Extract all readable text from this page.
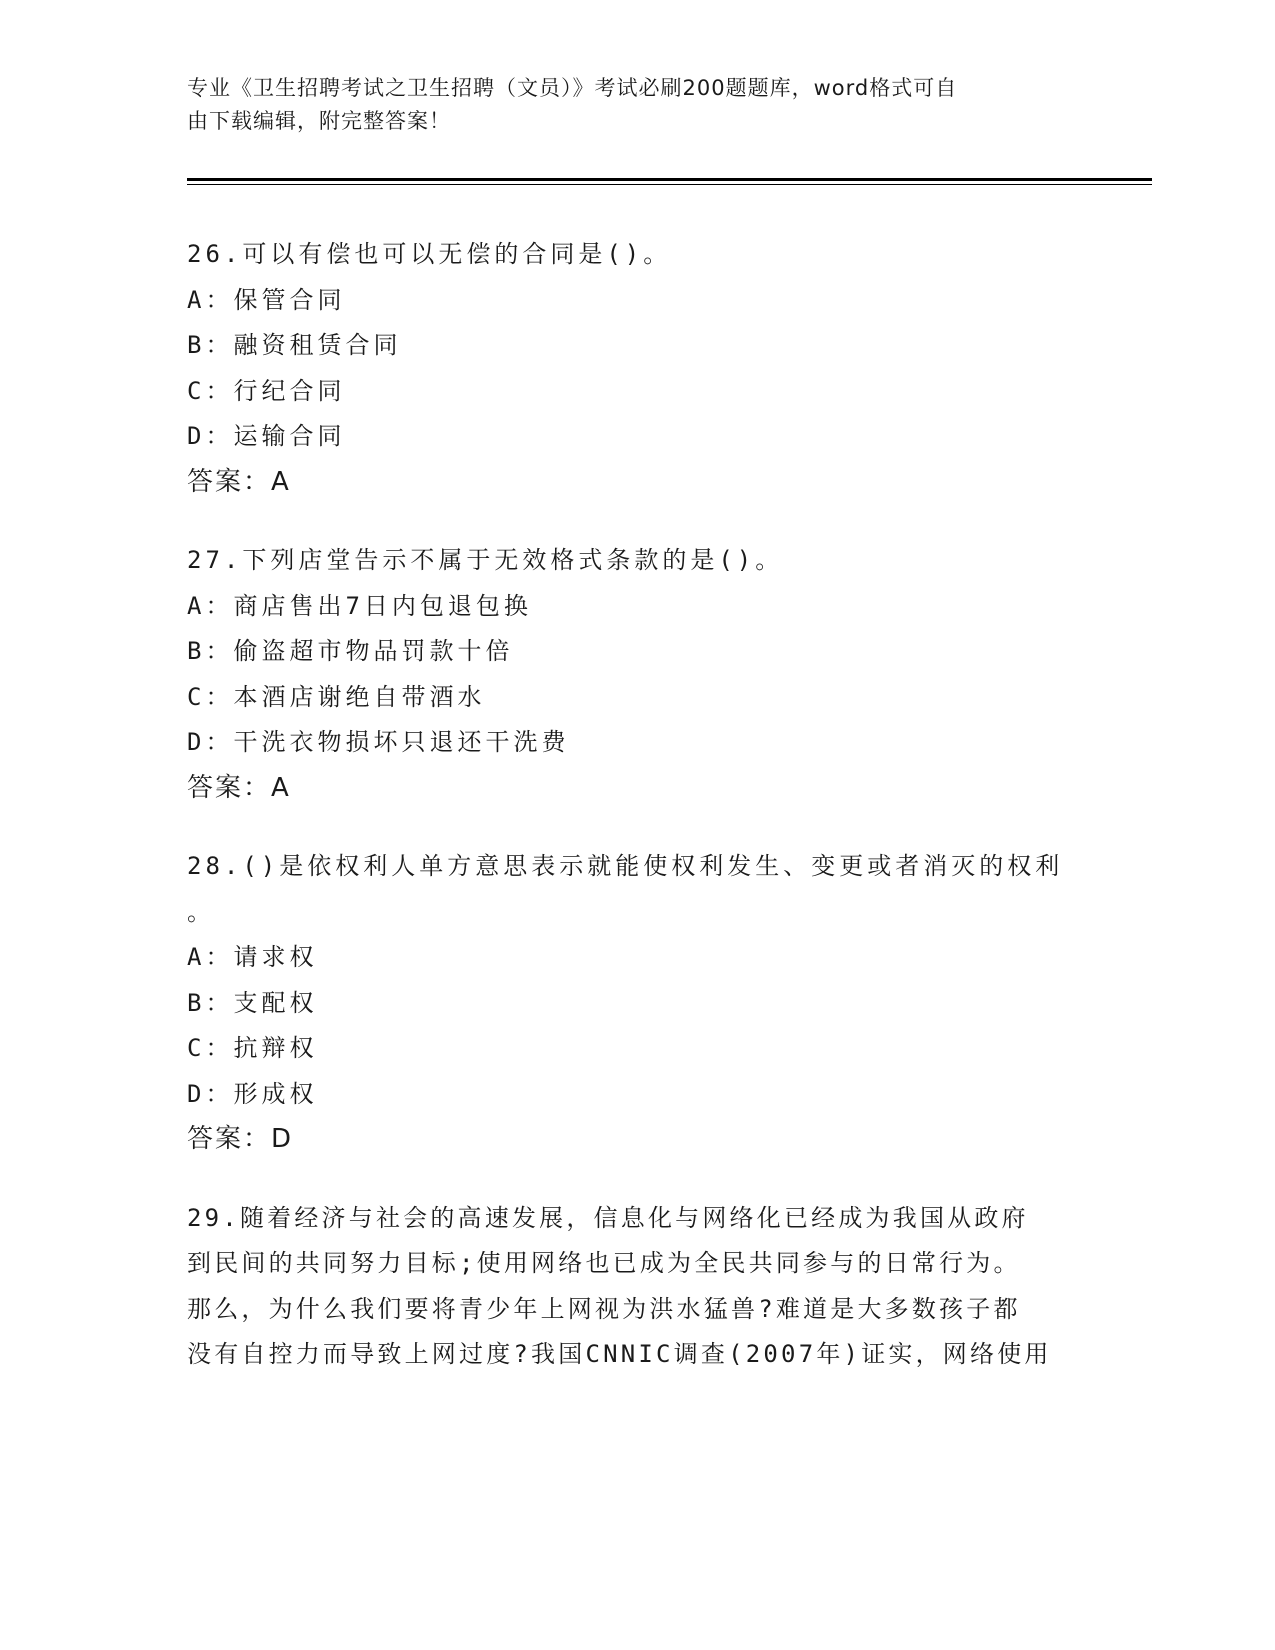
专业《卫生招聘考试之卫生招聘（文员）》考试必刷200题题库，word格式可自
由下载编辑，附完整答案！
26.可以有偿也可以无偿的合同是()。
A：保管合同
B：融资租赁合同
C：行纪合同
D：运输合同
答案：A
27.下列店堂告示不属于无效格式条款的是()。
A：商店售出7日内包退包换
B：偷盗超市物品罚款十倍
C：本酒店谢绝自带酒水
D：干洗衣物损坏只退还干洗费
答案：A
28.()是依权利人单方意思表示就能使权利发生、变更或者消灭的权利
。
A：请求权
B：支配权
C：抗辩权
D：形成权
答案：D
29.随着经济与社会的高速发展，信息化与网络化已经成为我国从政府
到民间的共同努力目标;使用网络也已成为全民共同参与的日常行为。
那么，为什么我们要将青少年上网视为洪水猛兽?难道是大多数孩子都
没有自控力而导致上网过度?我国CNNIC调查(2007年)证实，网络使用
